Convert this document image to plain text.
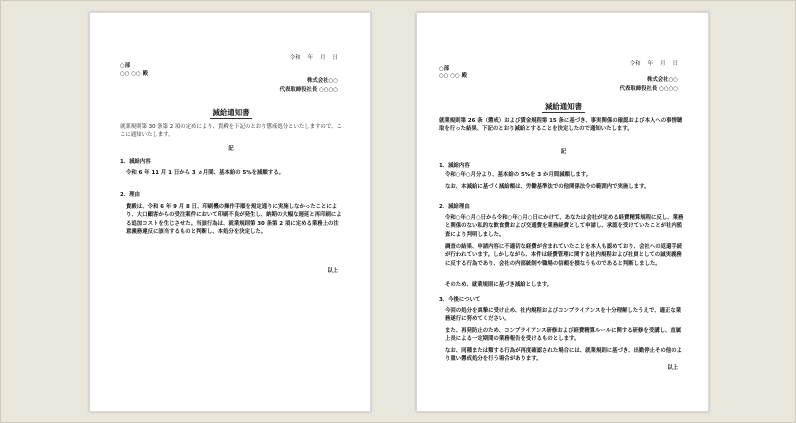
令和　 年　 月　 日
○部
○○ ○○ 殿
株式会社○○
代表取締役社長 ○○○○
減給通知書
就業規則第 30 条第 2 項の定めにより、貴殿を下記のとおり懲戒処分といたしますので、ここに通知いたします。
記
1．減給内容
令和 6 年 11 月 1 日から 3 ヵ月間、基本給の 5%を減額する。
2．理由
貴殿は、令和 6 年 9 月 8 日、印刷機の操作手順を規定通りに実施しなかったことにより、大口顧客からの受注案件において印刷不良が発生し、納期の大幅な遅延と再印刷による追加コストを生じさせた。当該行為は、就業規則第 30 条第 2 項に定める業務上の注意義務違反に該当するものと判断し、本処分を決定した。
以上
令和　 年　 月　 日
○部
○○ ○○ 殿
株式会社○○
代表取締役社長 ○○○○
減給通知書
就業規則第 26 条（懲戒）および賃金規程第 15 条に基づき、事実関係の確認および本人への事情聴取を行った結果、下記のとおり減給とすることを決定したので通知いたします。
記
1．減給内容
令和○年○月分より、基本給の 5%を 3 か月間減額します。
なお、本減給に基づく減給額は、労働基準法での他関係法令の範囲内で実施します。
2．減給理由
令和○年○月○日から令和○年○月○日にかけて、あなたは会社が定める経費精算規程に反し、業務と関係のない私的な飲食費および交通費を業務経費として申請し、承認を受けていたことが社内監査により判明しました。
調査の結果、申請内容に不適切な経費が含まれていたことを本人も認めており、会社への返還手続が行われています。しかしながら、本件は経費管理に関する社内規程および社員としての誠実義務に反する行為であり、会社の内部統制や職場の信頼を損なうものであると判断しました。
そのため、就業規則に基づき減給とします。
3．今後について
今回の処分を真摯に受け止め、社内規程およびコンプライアンスを十分理解したうえで、適正な業務遂行に努めてください。
また、再発防止のため、コンプライアンス研修および経費精算ルールに関する研修を受講し、直属上長による一定期間の業務報告を受けるものとします。
なお、同種または類する行為が再度確認された場合には、就業規則に基づき、出勤停止その他のより重い懲戒処分を行う場合があります。
以上
